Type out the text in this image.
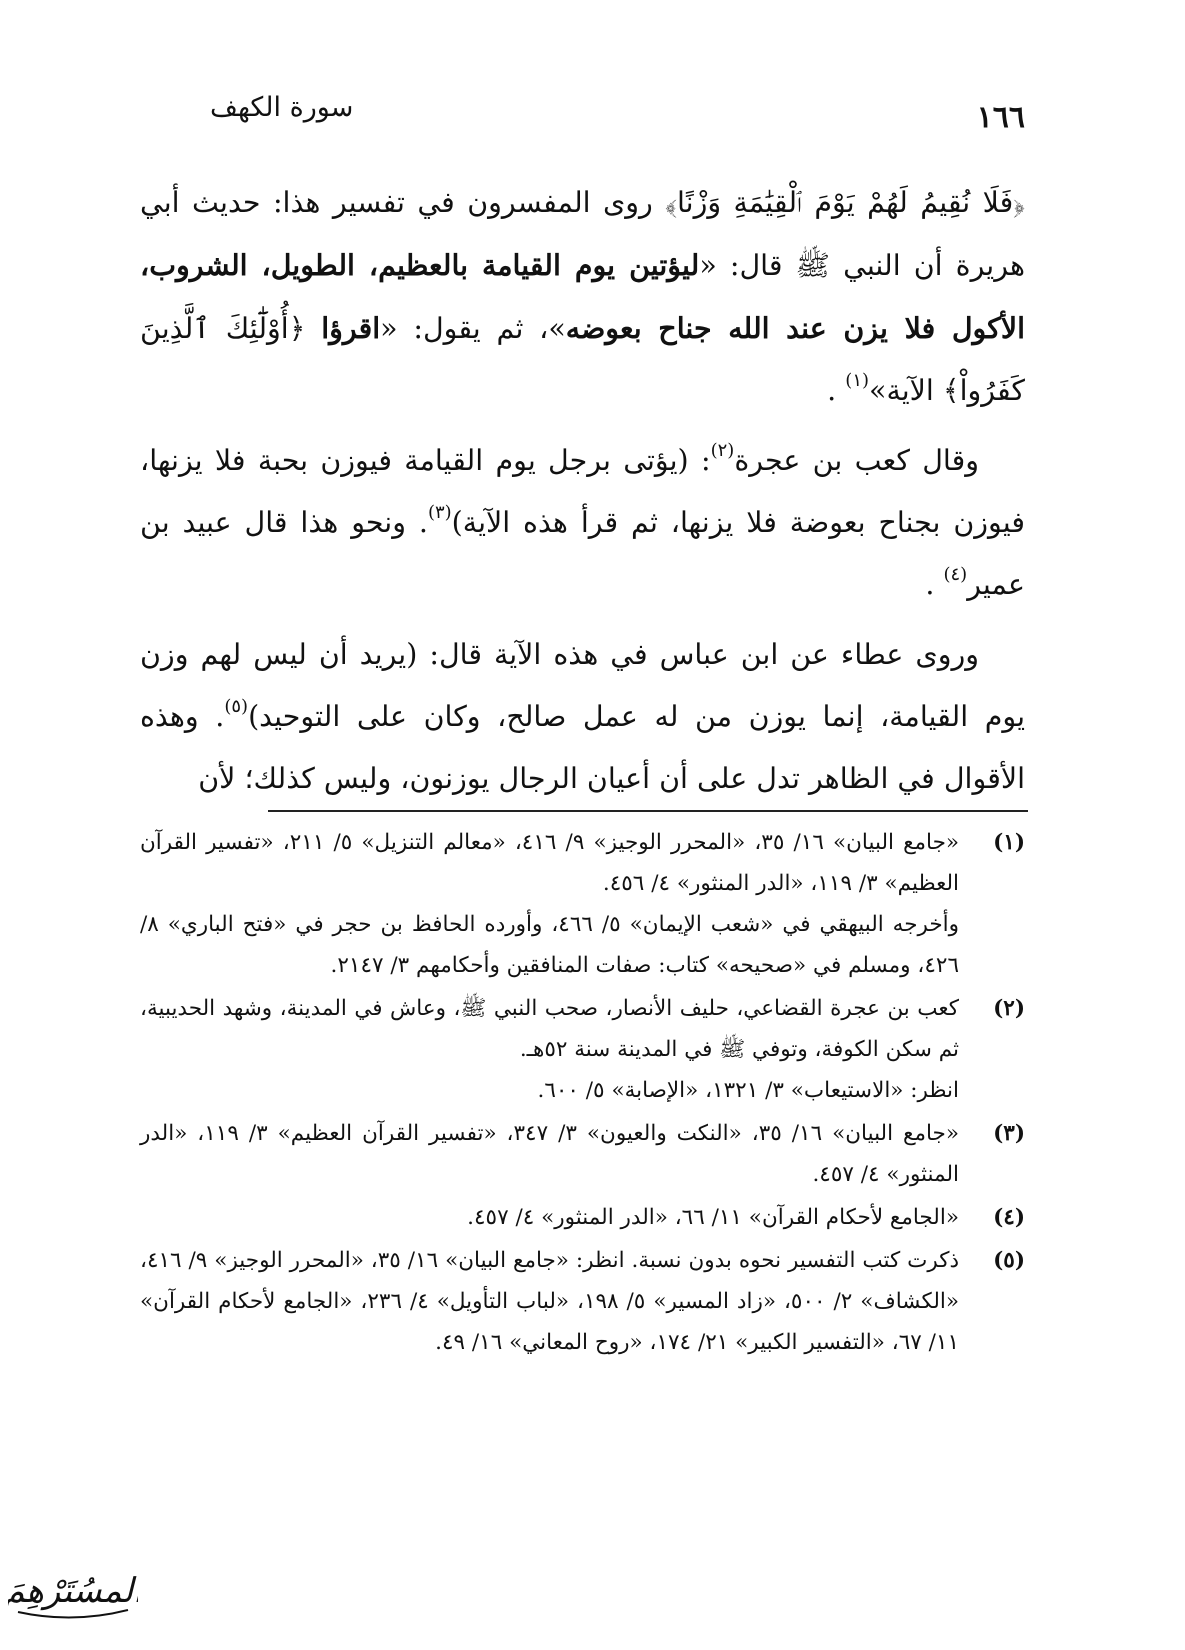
سورة الكهف	١٦٦

﴿فَلَا نُقِيمُ لَهُمْ يَوْمَ ٱلْقِيَٰمَةِ وَزْنًا﴾ روى المفسرون في تفسير هذا: حديث أبي هريرة أن النبي ﷺ قال: «ليؤتين يوم القيامة بالعظيم، الطويل، الشروب، الأكول فلا يزن عند الله جناح بعوضه»، ثم يقول: «اقرؤا ﴿أُوْلَٰٓئِكَ ٱلَّذِينَ كَفَرُواْ﴾ الآية»$^{(١)}$ .

وقال كعب بن عجرة$^{(٢)}$: (يؤتى برجل يوم القيامة فيوزن بحبة فلا يزنها، فيوزن بجناح بعوضة فلا يزنها، ثم قرأ هذه الآية)$^{(٣)}$. ونحو هذا قال عبيد بن عمير$^{(٤)}$ .

وروى عطاء عن ابن عباس في هذه الآية قال: (يريد أن ليس لهم وزن يوم القيامة، إنما يوزن من له عمل صالح، وكان على التوحيد)$^{(٥)}$. وهذه الأقوال في الظاهر تدل على أن أعيان الرجال يوزنون، وليس كذلك؛ لأن

(١)
«جامع البيان» ١٦/ ٣٥، «المحرر الوجيز» ٩/ ٤١٦، «معالم التنزيل» ٥/ ٢١١، «تفسير القرآن العظيم» ٣/ ١١٩، «الدر المنثور» ٤/ ٤٥٦.
وأخرجه البيهقي في «شعب الإيمان» ٥/ ٤٦٦، وأورده الحافظ بن حجر في «فتح الباري» ٨/ ٤٢٦، ومسلم في «صحيحه» كتاب: صفات المنافقين وأحكامهم ٣/ ٢١٤٧.
(٢)
كعب بن عجرة القضاعي، حليف الأنصار، صحب النبي ﷺ، وعاش في المدينة، وشهد الحديبية، ثم سكن الكوفة، وتوفي ﷺ في المدينة سنة ٥٢هـ.
انظر: «الاستيعاب» ٣/ ١٣٢١، «الإصابة» ٥/ ٦٠٠.
(٣)
«جامع البيان» ١٦/ ٣٥، «النكت والعيون» ٣/ ٣٤٧، «تفسير القرآن العظيم» ٣/ ١١٩، «الدر المنثور» ٤/ ٤٥٧.
(٤)
«الجامع لأحكام القرآن» ١١/ ٦٦، «الدر المنثور» ٤/ ٤٥٧.
(٥)
ذكرت كتب التفسير نحوه بدون نسبة. انظر: «جامع البيان» ١٦/ ٣٥، «المحرر الوجيز» ٩/ ٤١٦، «الكشاف» ٢/ ٥٠٠، «زاد المسير» ٥/ ١٩٨، «لباب التأويل» ٤/ ٢٣٦، «الجامع لأحكام القرآن» ١١/ ٦٧، «التفسير الكبير» ٢١/ ١٧٤، «روح المعاني» ١٦/ ٤٩.
المسُتَرْهِمَ
